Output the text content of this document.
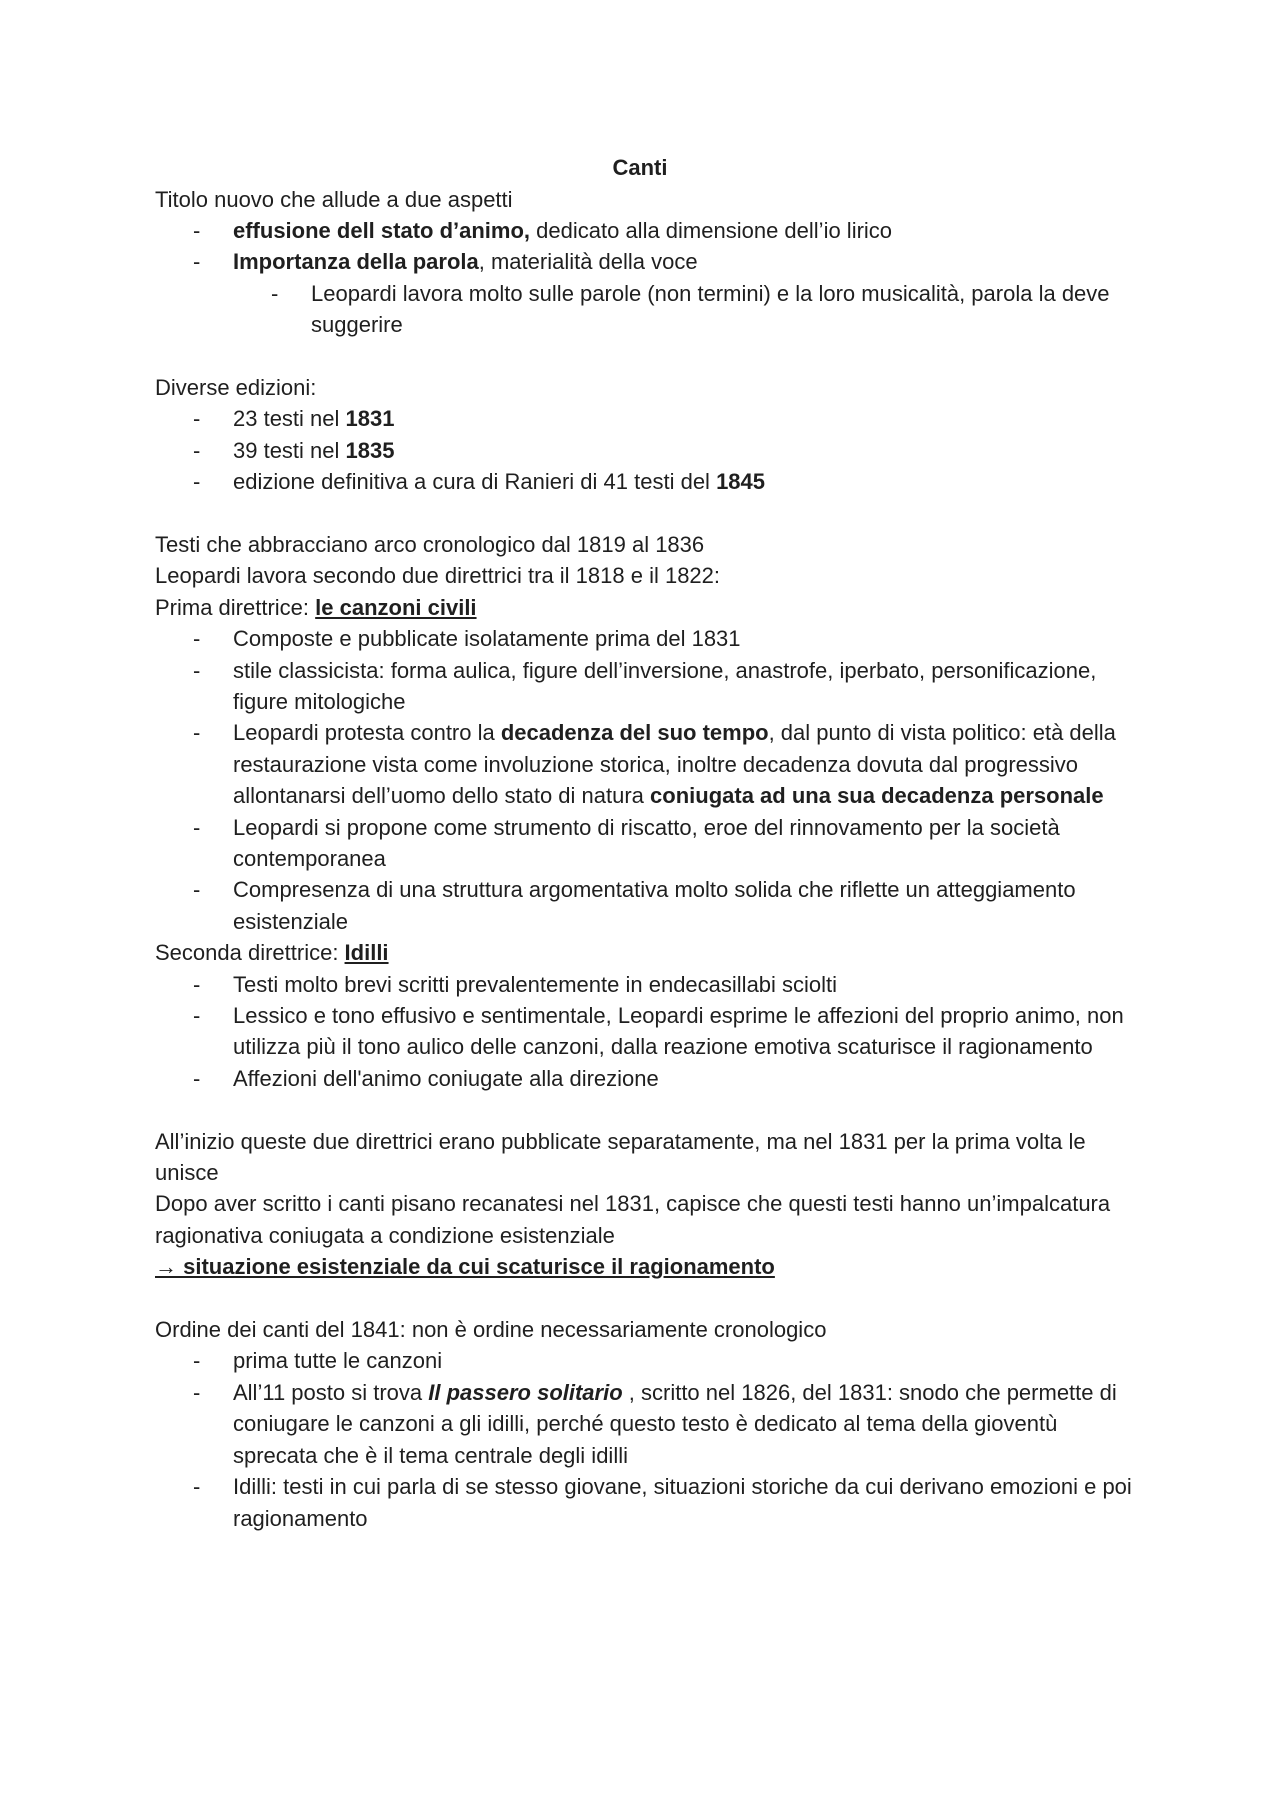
Canti

Titolo nuovo che allude a due aspetti

- effusione dell stato d’animo, dedicato alla dimensione dell’io lirico
- Importanza della parola, materialità della voce
- Leopardi lavora molto sulle parole (non termini) e la loro musicalità, parola la deve suggerire

Diverse edizioni:

- 23 testi nel 1831
- 39 testi nel 1835
- edizione definitiva a cura di Ranieri di 41 testi del 1845

Testi che abbracciano arco cronologico dal 1819 al 1836

Leopardi lavora secondo due direttrici tra il 1818 e il 1822:

Prima direttrice: le canzoni civili

- Composte e pubblicate isolatamente prima del 1831
- stile classicista: forma aulica, figure dell’inversione, anastrofe, iperbato, personificazione, figure mitologiche
- Leopardi protesta contro la decadenza del suo tempo, dal punto di vista politico: età della restaurazione vista come involuzione storica, inoltre decadenza dovuta dal progressivo allontanarsi dell’uomo dello stato di natura coniugata ad una sua decadenza personale
- Leopardi si propone come strumento di riscatto, eroe del rinnovamento per la società contemporanea
- Compresenza di una struttura argomentativa molto solida che riflette un atteggiamento esistenziale

Seconda direttrice: Idilli

- Testi molto brevi scritti prevalentemente in endecasillabi sciolti
- Lessico e tono effusivo e sentimentale, Leopardi esprime le affezioni del proprio animo, non utilizza più il tono aulico delle canzoni, dalla reazione emotiva scaturisce il ragionamento
- Affezioni dell'animo coniugate alla direzione

All’inizio queste due direttrici erano pubblicate separatamente, ma nel 1831 per la prima volta le unisce

Dopo aver scritto i canti pisano recanatesi nel 1831, capisce che questi testi hanno un’impalcatura ragionativa coniugata a condizione esistenziale

→ situazione esistenziale da cui scaturisce il ragionamento

Ordine dei canti del 1841: non è ordine necessariamente cronologico

- prima tutte le canzoni
- All’11 posto si trova Il passero solitario , scritto nel 1826, del 1831: snodo che permette di coniugare le canzoni a gli idilli, perché questo testo è dedicato al tema della gioventù sprecata che è il tema centrale degli idilli
- Idilli: testi in cui parla di se stesso giovane, situazioni storiche da cui derivano emozioni e poi ragionamento
